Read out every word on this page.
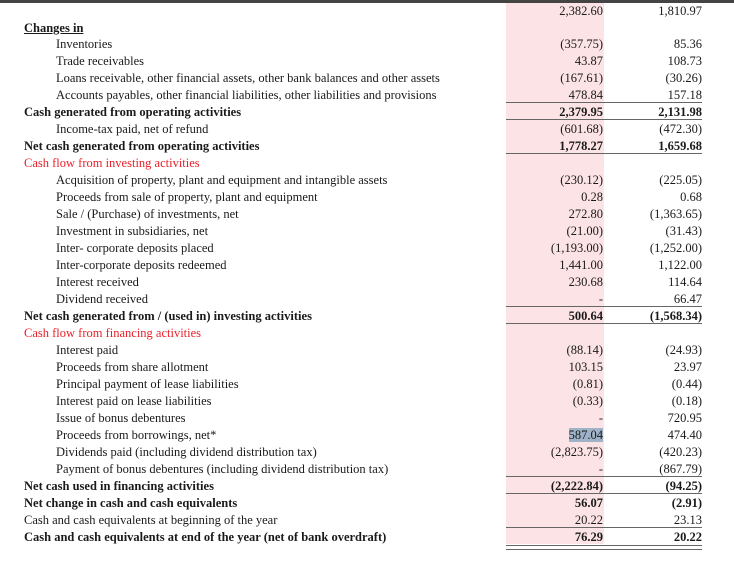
2,382.60	1,810.97
Changes in
Inventories	(357.75)	85.36
Trade receivables	43.87	108.73
Loans receivable, other financial assets, other bank balances and other assets	(167.61)	(30.26)
Accounts payables, other financial liabilities, other liabilities and provisions	478.84	157.18
Cash generated from operating activities	2,379.95	2,131.98
Income-tax paid, net of refund	(601.68)	(472.30)
Net cash generated from operating activities	1,778.27	1,659.68
Cash flow from investing activities
Acquisition of property, plant and equipment and intangible assets	(230.12)	(225.05)
Proceeds from sale of property, plant and equipment	0.28	0.68
Sale / (Purchase) of investments, net	272.80	(1,363.65)
Investment in subsidiaries, net	(21.00)	(31.43)
Inter- corporate deposits placed	(1,193.00)	(1,252.00)
Inter-corporate deposits redeemed	1,441.00	1,122.00
Interest received	230.68	114.64
Dividend received	-	66.47
Net cash generated from / (used in) investing activities	500.64	(1,568.34)
Cash flow from financing activities
Interest paid	(88.14)	(24.93)
Proceeds from share allotment	103.15	23.97
Principal payment of lease liabilities	(0.81)	(0.44)
Interest paid on lease liabilities	(0.33)	(0.18)
Issue of bonus debentures	-	720.95
Proceeds from borrowings, net*	587.04	474.40
Dividends paid (including dividend distribution tax)	(2,823.75)	(420.23)
Payment of bonus debentures (including dividend distribution tax)	-	(867.79)
Net cash used in financing activities	(2,222.84)	(94.25)
Net change in cash and cash equivalents	56.07	(2.91)
Cash and cash equivalents at beginning of the year	20.22	23.13
Cash and cash equivalents at end of the year (net of bank overdraft)	76.29	20.22
